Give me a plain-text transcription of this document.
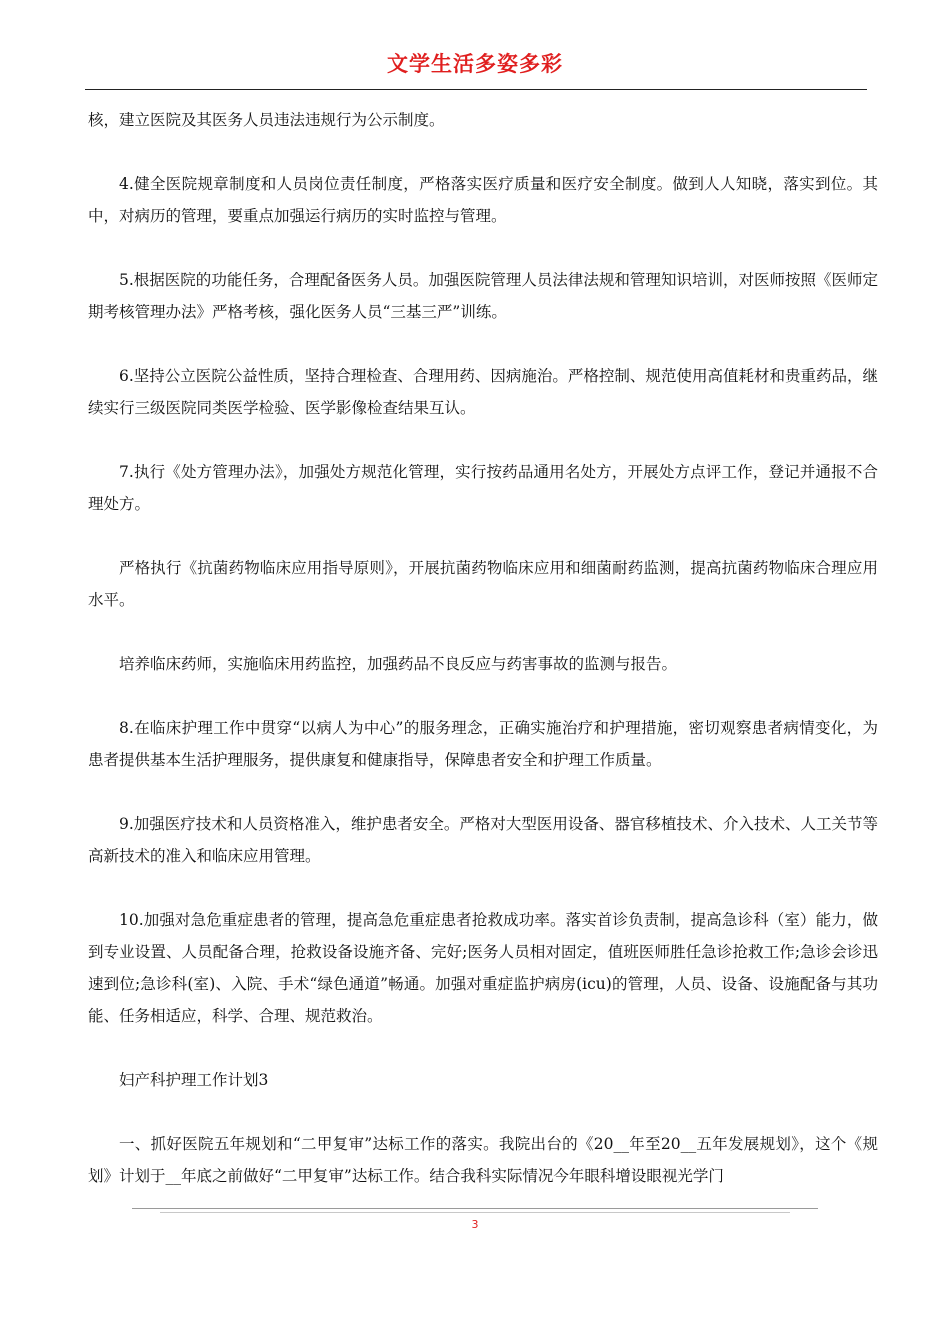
文学生活多姿多彩

核，建立医院及其医务人员违法违规行为公示制度。

4.健全医院规章制度和人员岗位责任制度，严格落实医疗质量和医疗安全制度。做到人人知晓，落实到位。其中，对病历的管理，要重点加强运行病历的实时监控与管理。

5.根据医院的功能任务，合理配备医务人员。加强医院管理人员法律法规和管理知识培训，对医师按照《医师定期考核管理办法》严格考核，强化医务人员“三基三严”训练。

6.坚持公立医院公益性质，坚持合理检查、合理用药、因病施治。严格控制、规范使用高值耗材和贵重药品，继续实行三级医院同类医学检验、医学影像检查结果互认。

7.执行《处方管理办法》，加强处方规范化管理，实行按药品通用名处方，开展处方点评工作，登记并通报不合理处方。

严格执行《抗菌药物临床应用指导原则》，开展抗菌药物临床应用和细菌耐药监测，提高抗菌药物临床合理应用水平。

培养临床药师，实施临床用药监控，加强药品不良反应与药害事故的监测与报告。

8.在临床护理工作中贯穿“以病人为中心”的服务理念，正确实施治疗和护理措施，密切观察患者病情变化，为患者提供基本生活护理服务，提供康复和健康指导，保障患者安全和护理工作质量。

9.加强医疗技术和人员资格准入，维护患者安全。严格对大型医用设备、器官移植技术、介入技术、人工关节等高新技术的准入和临床应用管理。

10.加强对急危重症患者的管理，提高急危重症患者抢救成功率。落实首诊负责制，提高急诊科（室）能力，做到专业设置、人员配备合理，抢救设备设施齐备、完好;医务人员相对固定，值班医师胜任急诊抢救工作;急诊会诊迅速到位;急诊科(室)、入院、手术“绿色通道”畅通。加强对重症监护病房(icu)的管理，人员、设备、设施配备与其功能、任务相适应，科学、合理、规范救治。

妇产科护理工作计划3

一、抓好医院五年规划和“二甲复审”达标工作的落实。我院出台的《20__年至20__五年发展规划》，这个《规划》计划于__年底之前做好“二甲复审”达标工作。结合我科实际情况今年眼科增设眼视光学门

3
